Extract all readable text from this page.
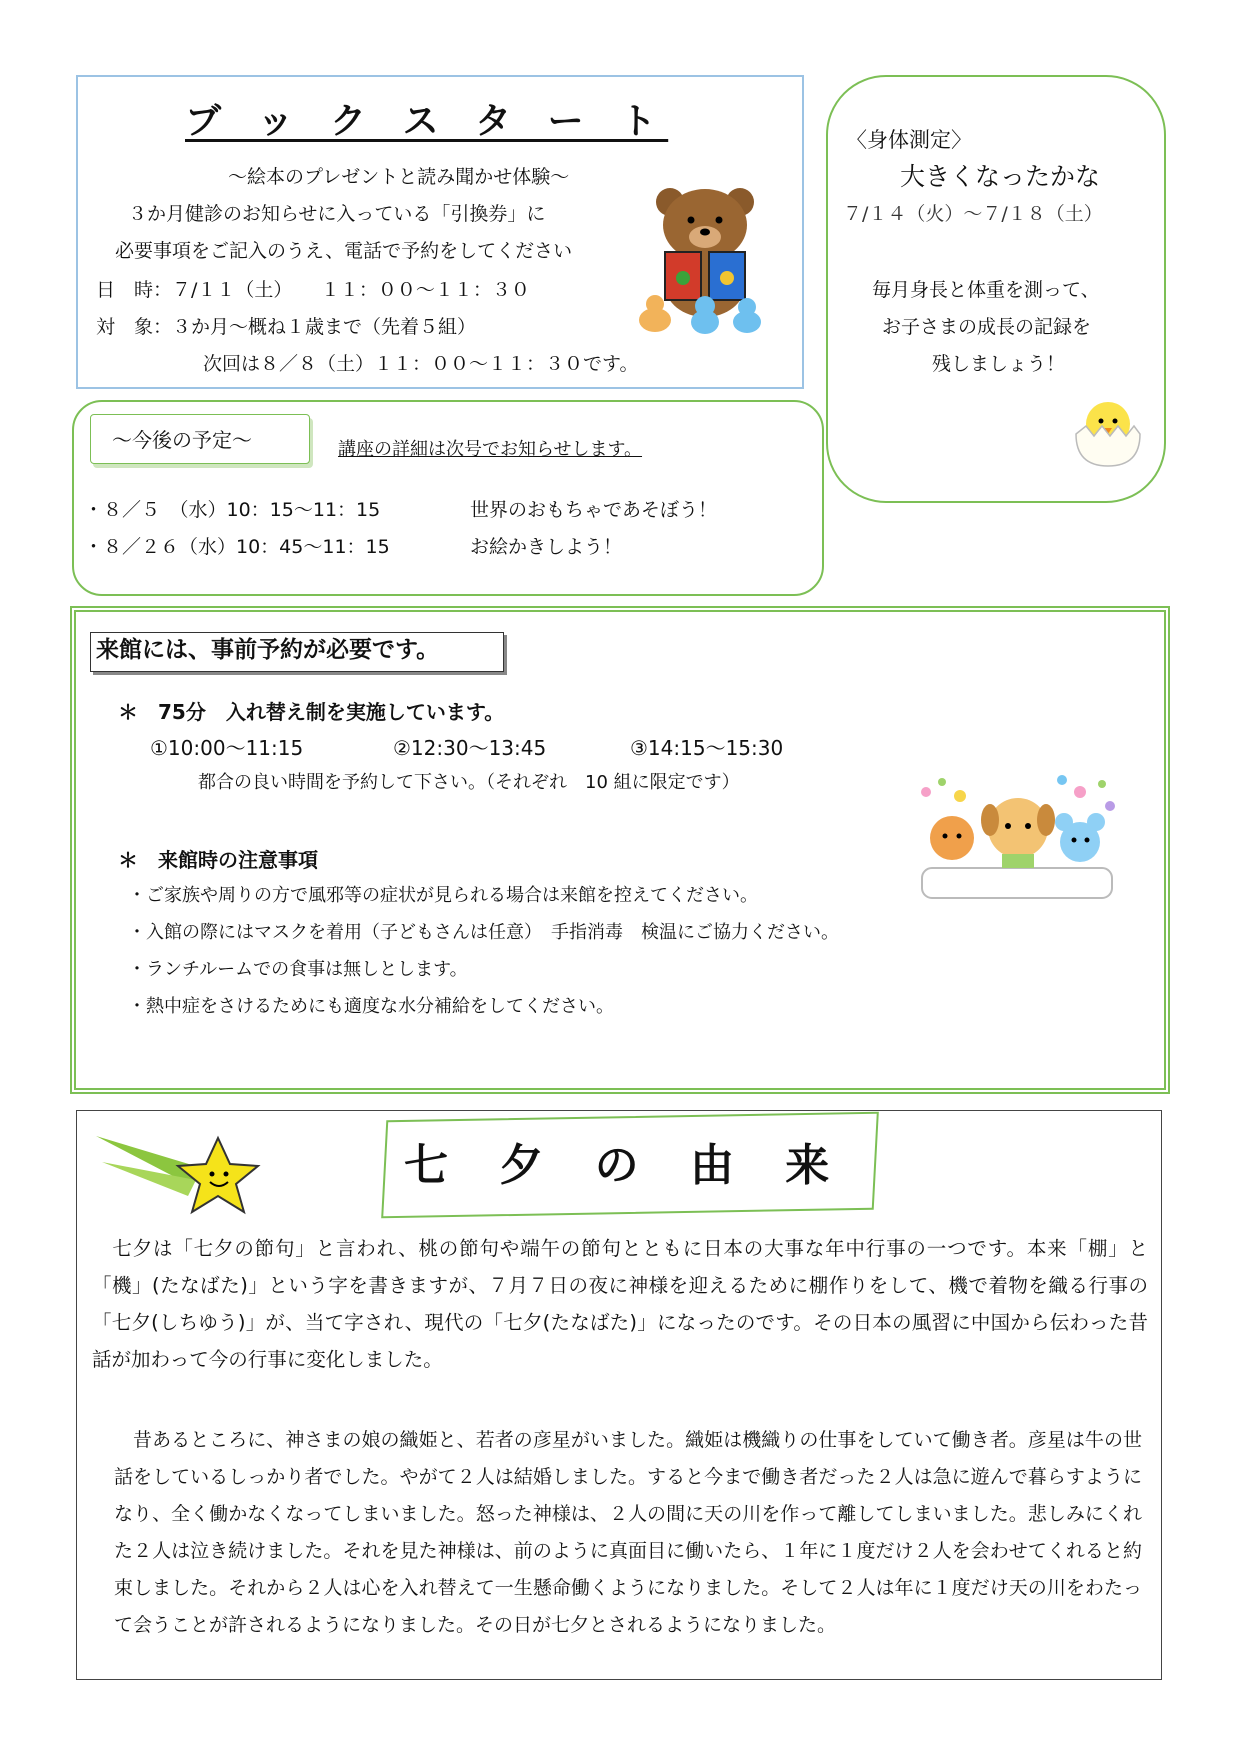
ブ ッ ク ス タ ー ト
～絵本のプレゼントと読み聞かせ体験～
３か月健診のお知らせに入っている「引換券」に
必要事項をご記入のうえ、電話で予約をしてください
日　時： ７/１１（土）　　１１：００～１１：３０
対　象： ３か月～概ね１歳まで（先着５組）
次回は８／８（土）１１：００～１１：３０です。
〈身体測定〉
大きくなったかな
７/１４（火）～７/１８（土）
毎月身長と体重を測って、
お子さまの成長の記録を
残しましょう！
～今後の予定～	講座の詳細は次号でお知らせします。
・８／５　（水）10：15～11：15	世界のおもちゃであそぼう！
・８／２６（水）10：45～11：15	お絵かきしよう！
来館には、事前予約が必要です。
＊　75分　入れ替え制を実施しています。
①10:00～11:15	②12:30～13:45	③14:15～15:30
都合の良い時間を予約して下さい。（それぞれ　10 組に限定です）
＊　来館時の注意事項
・ご家族や周りの方で風邪等の症状が見られる場合は来館を控えてください。
・入館の際にはマスクを着用（子どもさんは任意）　手指消毒　検温にご協力ください。
・ランチルームでの食事は無しとします。
・熱中症をさけるためにも適度な水分補給をしてください。
七 夕 の 由 来
　七夕は「七夕の節句」と言われ、桃の節句や端午の節句とともに日本の大事な年中行事の一つです。本来「棚」と「機」(たなばた)」という字を書きますが、７月７日の夜に神様を迎えるために棚作りをして、機で着物を織る行事の「七夕(しちゆう)」が、当て字され、現代の「七夕(たなばた)」になったのです。その日本の風習に中国から伝わった昔話が加わって今の行事に変化しました。
　昔あるところに、神さまの娘の織姫と、若者の彦星がいました。織姫は機織りの仕事をしていて働き者。彦星は牛の世話をしているしっかり者でした。やがて２人は結婚しました。すると今まで働き者だった２人は急に遊んで暮らすようになり、全く働かなくなってしまいました。怒った神様は、２人の間に天の川を作って離してしまいました。悲しみにくれた２人は泣き続けました。それを見た神様は、前のように真面目に働いたら、１年に１度だけ２人を会わせてくれると約束しました。それから２人は心を入れ替えて一生懸命働くようになりました。そして２人は年に１度だけ天の川をわたって会うことが許されるようになりました。その日が七夕とされるようになりました。
